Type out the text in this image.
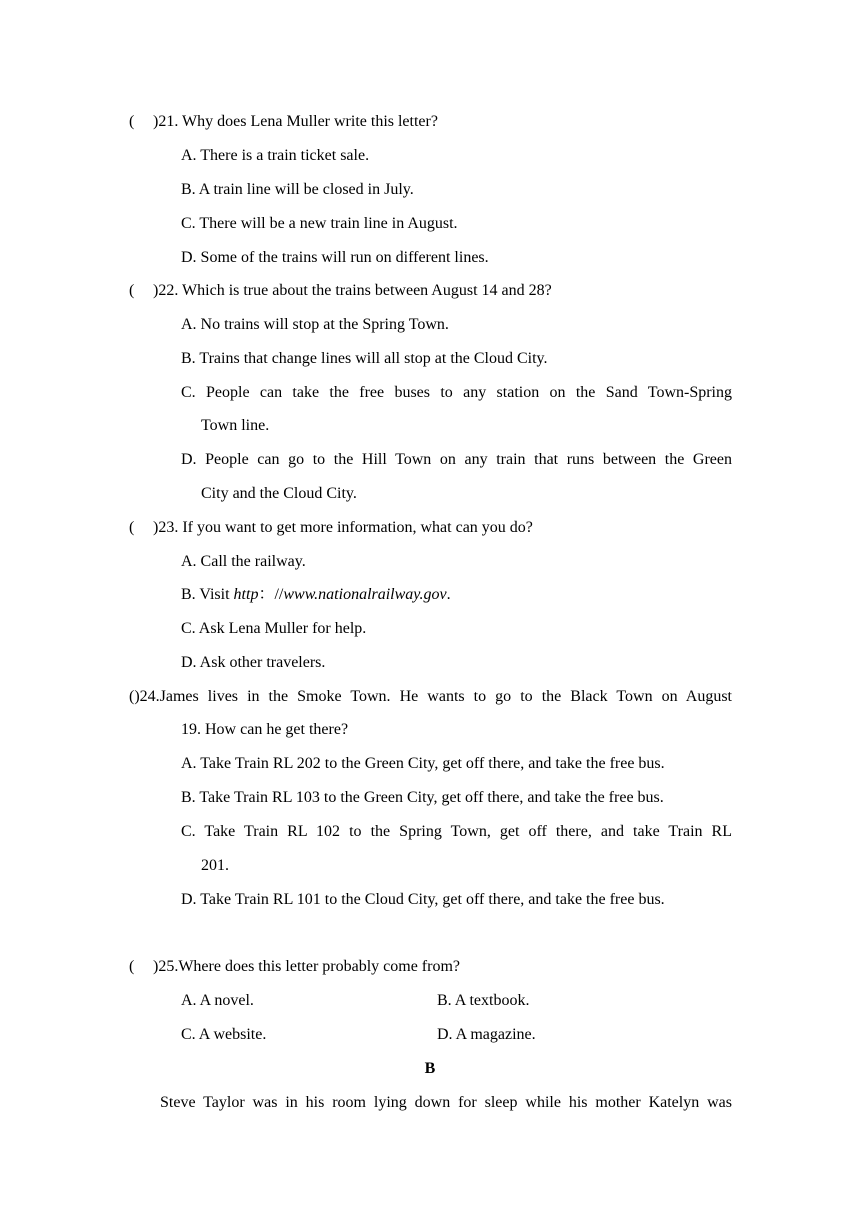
( )21. Why does Lena Muller write this letter?
A. There is a train ticket sale.
B. A train line will be closed in July.
C. There will be a new train line in August.
D. Some of the trains will run on different lines.
( )22. Which is true about the trains between August 14 and 28?
A. No trains will stop at the Spring Town.
B. Trains that change lines will all stop at the Cloud City.
C. People can take the free buses to any station on the Sand Town-Spring
Town line.
D. People can go to the Hill Town on any train that runs between the Green
City and the Cloud City.
( )23. If you want to get more information, what can you do?
A. Call the railway.
B. Visit http：//www.nationalrailway.gov.
C. Ask Lena Muller for help.
D. Ask other travelers.
()24.James lives in the Smoke Town. He wants to go to the Black Town on August
19. How can he get there?
A. Take Train RL 202 to the Green City, get off there, and take the free bus.
B. Take Train RL 103 to the Green City, get off there, and take the free bus.
C. Take Train RL 102 to the Spring Town, get off there, and take Train RL
201.
D. Take Train RL 101 to the Cloud City, get off there, and take the free bus.
( )25.Where does this letter probably come from?
A. A novel.	B. A textbook.
C. A website.	D. A magazine.
B
Steve Taylor was in his room lying down for sleep while his mother Katelyn was
